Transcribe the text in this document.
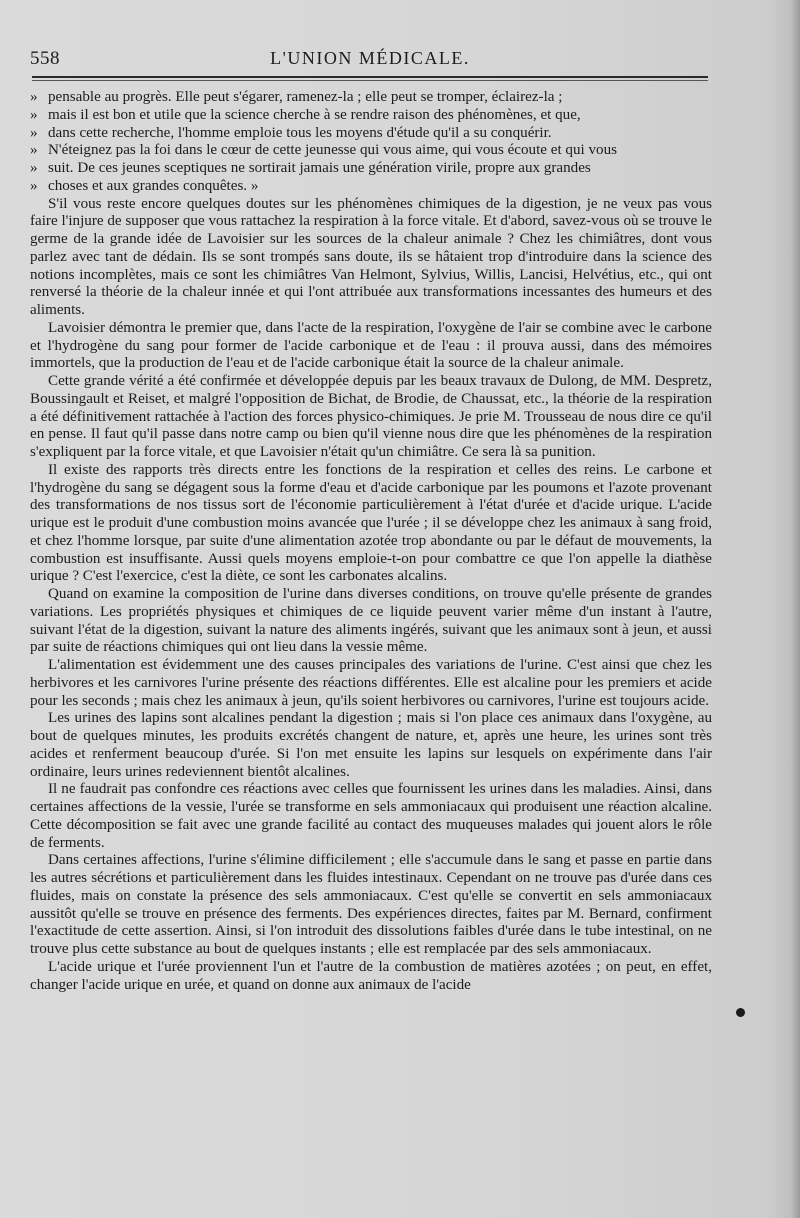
558	L'UNION MÉDICALE.
» pensable au progrès. Elle peut s'égarer, ramenez-la ; elle peut se tromper, éclairez-la ;
» mais il est bon et utile que la science cherche à se rendre raison des phénomènes, et que,
» dans cette recherche, l'homme emploie tous les moyens d'étude qu'il a su conquérir.
» N'éteignez pas la foi dans le cœur de cette jeunesse qui vous aime, qui vous écoute et qui vous
» suit. De ces jeunes sceptiques ne sortirait jamais une génération virile, propre aux grandes
» choses et aux grandes conquêtes. »

S'il vous reste encore quelques doutes sur les phénomènes chimiques de la digestion, je ne veux pas vous faire l'injure de supposer que vous rattachez la respiration à la force vitale. Et d'abord, savez-vous où se trouve le germe de la grande idée de Lavoisier sur les sources de la chaleur animale ? Chez les chimiâtres, dont vous parlez avec tant de dédain. Ils se sont trompés sans doute, ils se hâtaient trop d'introduire dans la science des notions incomplètes, mais ce sont les chimiâtres Van Helmont, Sylvius, Willis, Lancisi, Helvétius, etc., qui ont renversé la théorie de la chaleur innée et qui l'ont attribuée aux transformations incessantes des humeurs et des aliments.

Lavoisier démontra le premier que, dans l'acte de la respiration, l'oxygène de l'air se combine avec le carbone et l'hydrogène du sang pour former de l'acide carbonique et de l'eau : il prouva aussi, dans des mémoires immortels, que la production de l'eau et de l'acide carbonique était la source de la chaleur animale.

Cette grande vérité a été confirmée et développée depuis par les beaux travaux de Dulong, de MM. Despretz, Boussingault et Reiset, et malgré l'opposition de Bichat, de Brodie, de Chaussat, etc., la théorie de la respiration a été définitivement rattachée à l'action des forces physico-chimiques. Je prie M. Trousseau de nous dire ce qu'il en pense. Il faut qu'il passe dans notre camp ou bien qu'il vienne nous dire que les phénomènes de la respiration s'expliquent par la force vitale, et que Lavoisier n'était qu'un chimiâtre. Ce sera là sa punition.

Il existe des rapports très directs entre les fonctions de la respiration et celles des reins. Le carbone et l'hydrogène du sang se dégagent sous la forme d'eau et d'acide carbonique par les poumons et l'azote provenant des transformations de nos tissus sort de l'économie particulièrement à l'état d'urée et d'acide urique. L'acide urique est le produit d'une combustion moins avancée que l'urée ; il se développe chez les animaux à sang froid, et chez l'homme lorsque, par suite d'une alimentation azotée trop abondante ou par le défaut de mouvements, la combustion est insuffisante. Aussi quels moyens emploie-t-on pour combattre ce que l'on appelle la diathèse urique ? C'est l'exercice, c'est la diète, ce sont les carbonates alcalins.

Quand on examine la composition de l'urine dans diverses conditions, on trouve qu'elle présente de grandes variations. Les propriétés physiques et chimiques de ce liquide peuvent varier même d'un instant à l'autre, suivant l'état de la digestion, suivant la nature des aliments ingérés, suivant que les animaux sont à jeun, et aussi par suite de réactions chimiques qui ont lieu dans la vessie même.

L'alimentation est évidemment une des causes principales des variations de l'urine. C'est ainsi que chez les herbivores et les carnivores l'urine présente des réactions différentes. Elle est alcaline pour les premiers et acide pour les seconds ; mais chez les animaux à jeun, qu'ils soient herbivores ou carnivores, l'urine est toujours acide.

Les urines des lapins sont alcalines pendant la digestion ; mais si l'on place ces animaux dans l'oxygène, au bout de quelques minutes, les produits excrétés changent de nature, et, après une heure, les urines sont très acides et renferment beaucoup d'urée. Si l'on met ensuite les lapins sur lesquels on expérimente dans l'air ordinaire, leurs urines redeviennent bientôt alcalines.

Il ne faudrait pas confondre ces réactions avec celles que fournissent les urines dans les maladies. Ainsi, dans certaines affections de la vessie, l'urée se transforme en sels ammoniacaux qui produisent une réaction alcaline. Cette décomposition se fait avec une grande facilité au contact des muqueuses malades qui jouent alors le rôle de ferments.

Dans certaines affections, l'urine s'élimine difficilement ; elle s'accumule dans le sang et passe en partie dans les autres sécrétions et particulièrement dans les fluides intestinaux. Cependant on ne trouve pas d'urée dans ces fluides, mais on constate la présence des sels ammoniacaux. C'est qu'elle se convertit en sels ammoniacaux aussitôt qu'elle se trouve en présence des ferments. Des expériences directes, faites par M. Bernard, confirment l'exactitude de cette assertion. Ainsi, si l'on introduit des dissolutions faibles d'urée dans le tube intestinal, on ne trouve plus cette substance au bout de quelques instants ; elle est remplacée par des sels ammoniacaux.

L'acide urique et l'urée proviennent l'un et l'autre de la combustion de matières azotées ; on peut, en effet, changer l'acide urique en urée, et quand on donne aux animaux de l'acide
